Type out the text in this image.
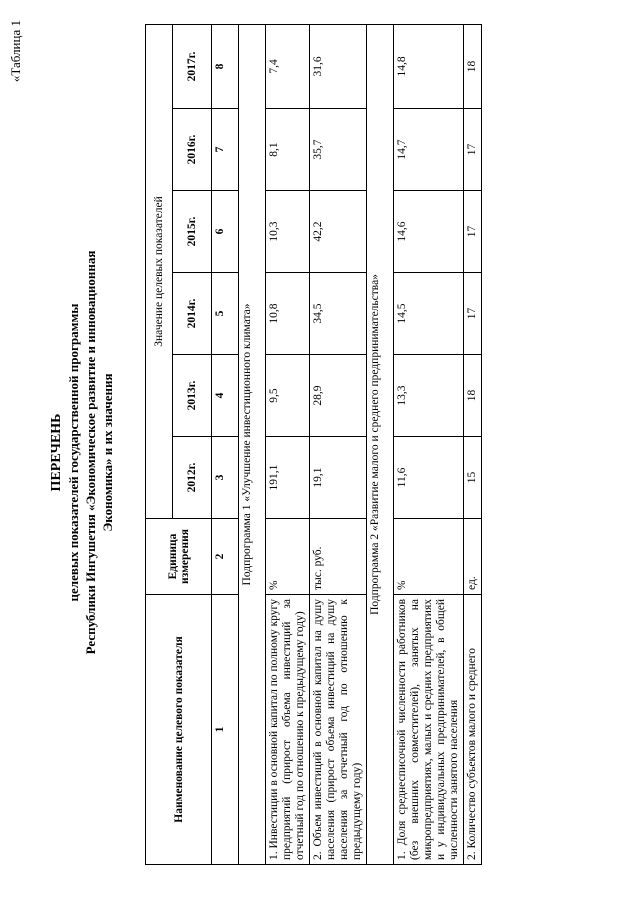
«Таблица 1
ПЕРЕЧЕНЬ целевых показателей государственной программы Республики Ингушетия «Экономическое развитие и инновационная Экономика» и их значения
Наименование целевого показателя	Единица измерения	Значение целевых показателей					
		2012г.	2013г.	2014г.	2015г.	2016г.	2017г.
1	2	3	4	5	6	7	8
Подпрограмма 1 «Улучшение инвестиционного климата»							
1. Инвестиции в основной капитал по полному кругу предприятий (прирост объема инвестиций за отчетный год по отношению к предыдущему году)	%	191,1	9,5	10,8	10,3	8,1	7,4
2. Объем инвестиций в основной капитал на душу населения (прирост объема инвестиций на душу населения за отчетный год по отношению к предыдущему году)	тыс. руб.	19,1	28,9	34,5	42,2	35,7	31,6
Подпрограмма 2 «Развитие малого и среднего предпринимательства»							
1. Доля среднесписочной численности работников (без внешних совместителей), занятых на микропредприятиях, малых и средних предприятиях и у индивидуальных предпринимателей, в общей численности занятого населения	%	11,6	13,3	14,5	14,6	14,7	14,8
2. Количество субъектов малого и среднего	ед.	15	18	17	17	17	18
